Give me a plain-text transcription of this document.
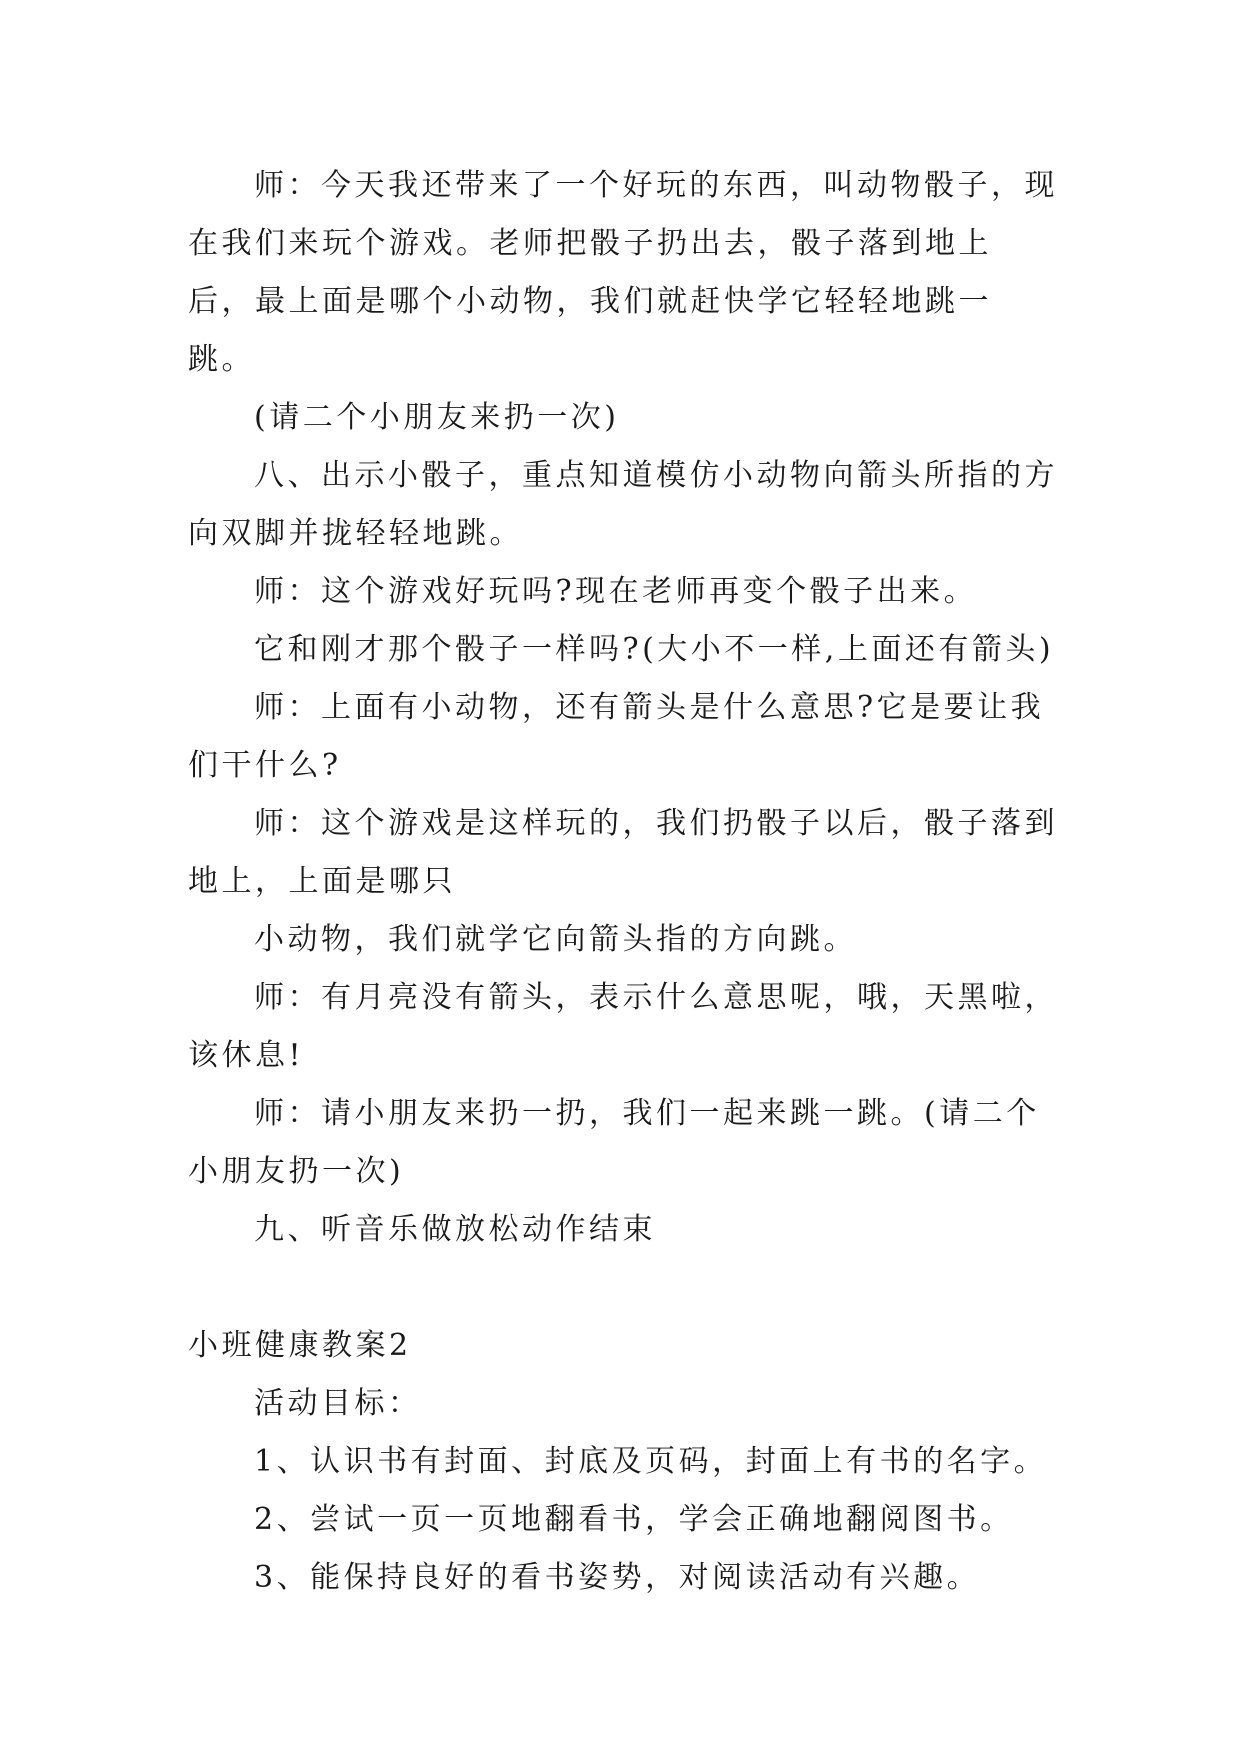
师：今天我还带来了一个好玩的东西，叫动物骰子，现在我们来玩个游戏。老师把骰子扔出去，骰子落到地上后，最上面是哪个小动物，我们就赶快学它轻轻地跳一跳。

(请二个小朋友来扔一次)

八、出示小骰子，重点知道模仿小动物向箭头所指的方向双脚并拢轻轻地跳。

师：这个游戏好玩吗?现在老师再变个骰子出来。

它和刚才那个骰子一样吗?(大小不一样,上面还有箭头)

师：上面有小动物，还有箭头是什么意思?它是要让我们干什么?

师：这个游戏是这样玩的，我们扔骰子以后，骰子落到地上，上面是哪只

小动物，我们就学它向箭头指的方向跳。

师：有月亮没有箭头，表示什么意思呢，哦，天黑啦，该休息!

师：请小朋友来扔一扔，我们一起来跳一跳。(请二个小朋友扔一次)

九、听音乐做放松动作结束

小班健康教案2

活动目标：

1、认识书有封面、封底及页码，封面上有书的名字。

2、尝试一页一页地翻看书，学会正确地翻阅图书。

3、能保持良好的看书姿势，对阅读活动有兴趣。
